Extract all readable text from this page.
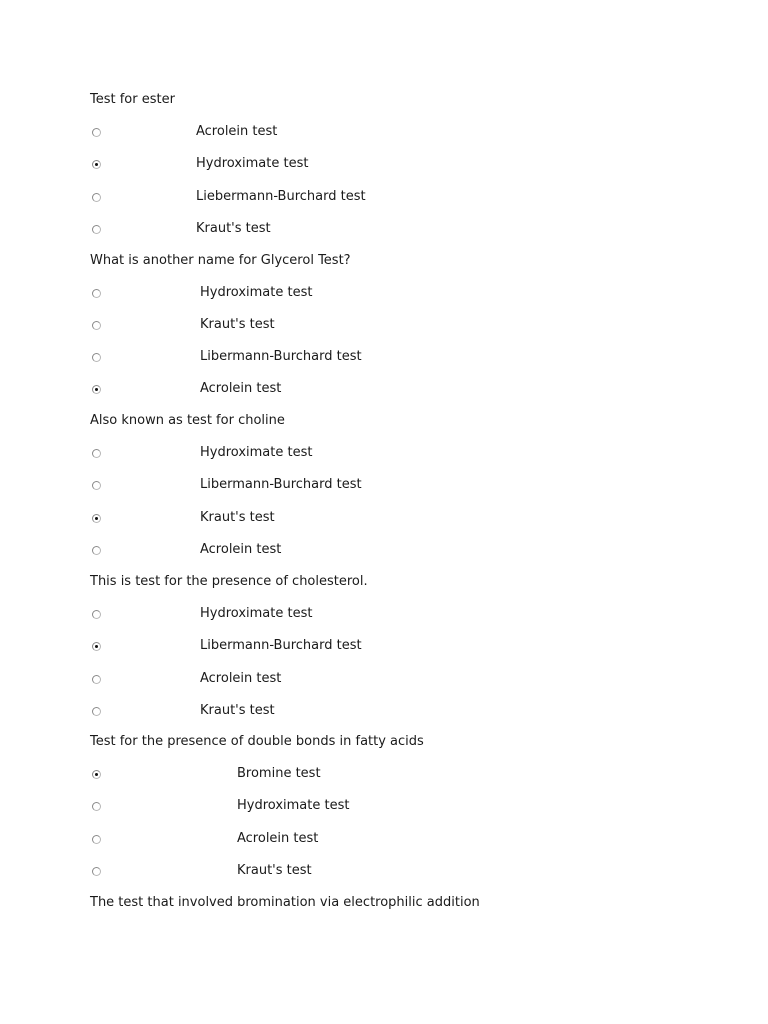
Test for ester
Acrolein test
Hydroximate test
Liebermann-Burchard test
Kraut's test
What is another name for Glycerol Test?
Hydroximate test
Kraut's test
Libermann-Burchard test
Acrolein test
Also known as test for choline
Hydroximate test
Libermann-Burchard test
Kraut's test
Acrolein test
This is test for the presence of cholesterol.
Hydroximate test
Libermann-Burchard test
Acrolein test
Kraut's test
Test for the presence of double bonds in fatty acids
Bromine test
Hydroximate test
Acrolein test
Kraut's test
The test that involved bromination via electrophilic addition
